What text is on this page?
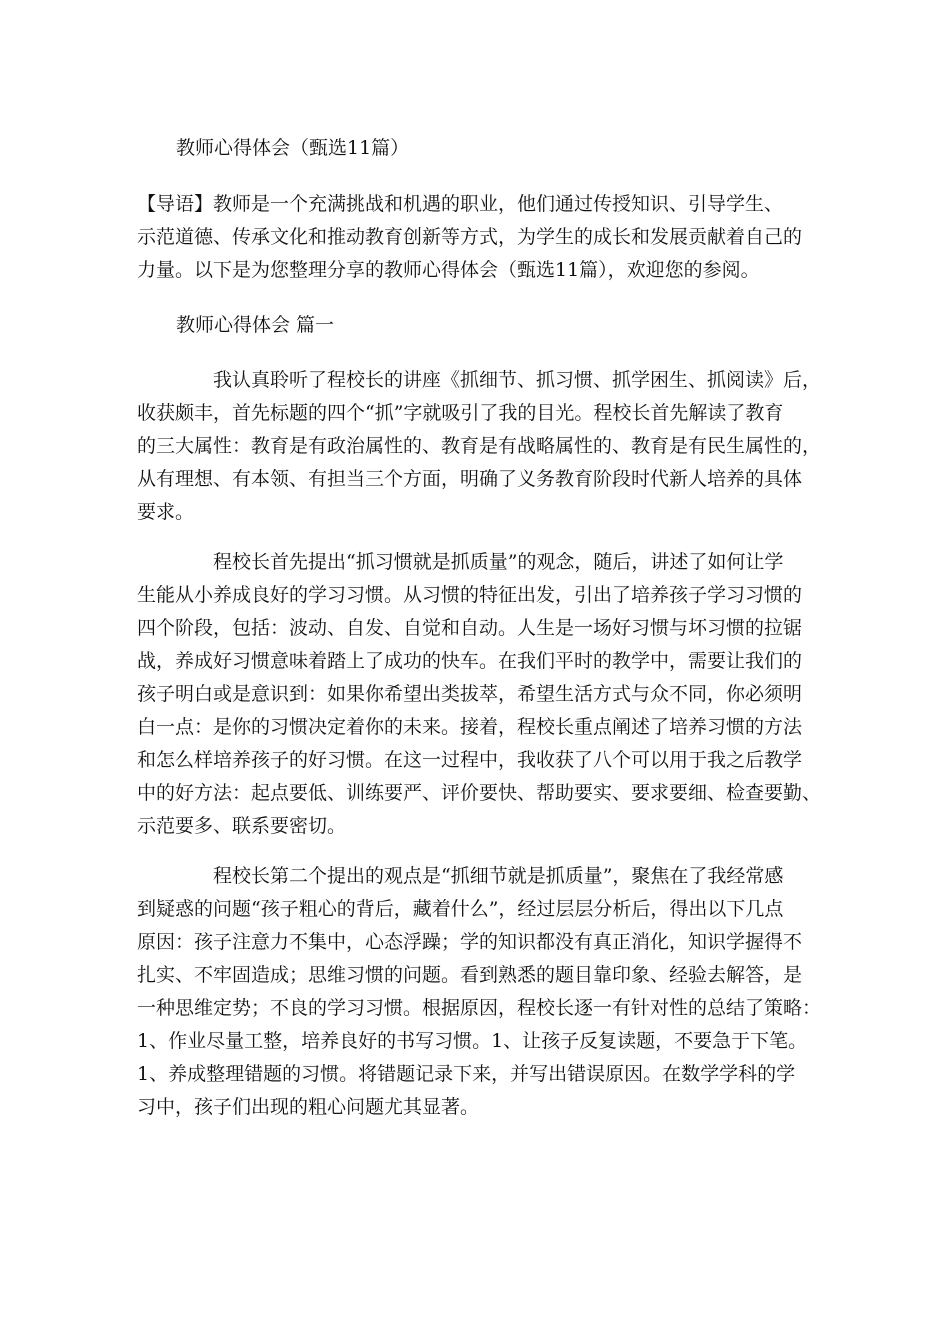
教师心得体会（甄选11篇）
【导语】教师是一个充满挑战和机遇的职业，他们通过传授知识、引导学生、
示范道德、传承文化和推动教育创新等方式，为学生的成长和发展贡献着自己的
力量。以下是为您整理分享的教师心得体会（甄选11篇），欢迎您的参阅。
教师心得体会 篇一
我认真聆听了程校长的讲座《抓细节、抓习惯、抓学困生、抓阅读》后，
收获颇丰，首先标题的四个“抓”字就吸引了我的目光。程校长首先解读了教育
的三大属性：教育是有政治属性的、教育是有战略属性的、教育是有民生属性的，
从有理想、有本领、有担当三个方面，明确了义务教育阶段时代新人培养的具体
要求。
程校长首先提出“抓习惯就是抓质量”的观念，随后，讲述了如何让学
生能从小养成良好的学习习惯。从习惯的特征出发，引出了培养孩子学习习惯的
四个阶段，包括：波动、自发、自觉和自动。人生是一场好习惯与坏习惯的拉锯
战，养成好习惯意味着踏上了成功的快车。在我们平时的教学中，需要让我们的
孩子明白或是意识到：如果你希望出类拔萃，希望生活方式与众不同，你必须明
白一点：是你的习惯决定着你的未来。接着，程校长重点阐述了培养习惯的方法
和怎么样培养孩子的好习惯。在这一过程中，我收获了八个可以用于我之后教学
中的好方法：起点要低、训练要严、评价要快、帮助要实、要求要细、检查要勤、
示范要多、联系要密切。
程校长第二个提出的观点是“抓细节就是抓质量”，聚焦在了我经常感
到疑惑的问题“孩子粗心的背后，藏着什么”，经过层层分析后，得出以下几点
原因：孩子注意力不集中，心态浮躁；学的知识都没有真正消化，知识学握得不
扎实、不牢固造成；思维习惯的问题。看到熟悉的题目靠印象、经验去解答，是
一种思维定势；不良的学习习惯。根据原因，程校长逐一有针对性的总结了策略：
1、作业尽量工整，培养良好的书写习惯。1、让孩子反复读题，不要急于下笔。
1、养成整理错题的习惯。将错题记录下来，并写出错误原因。在数学学科的学
习中，孩子们出现的粗心问题尤其显著。
